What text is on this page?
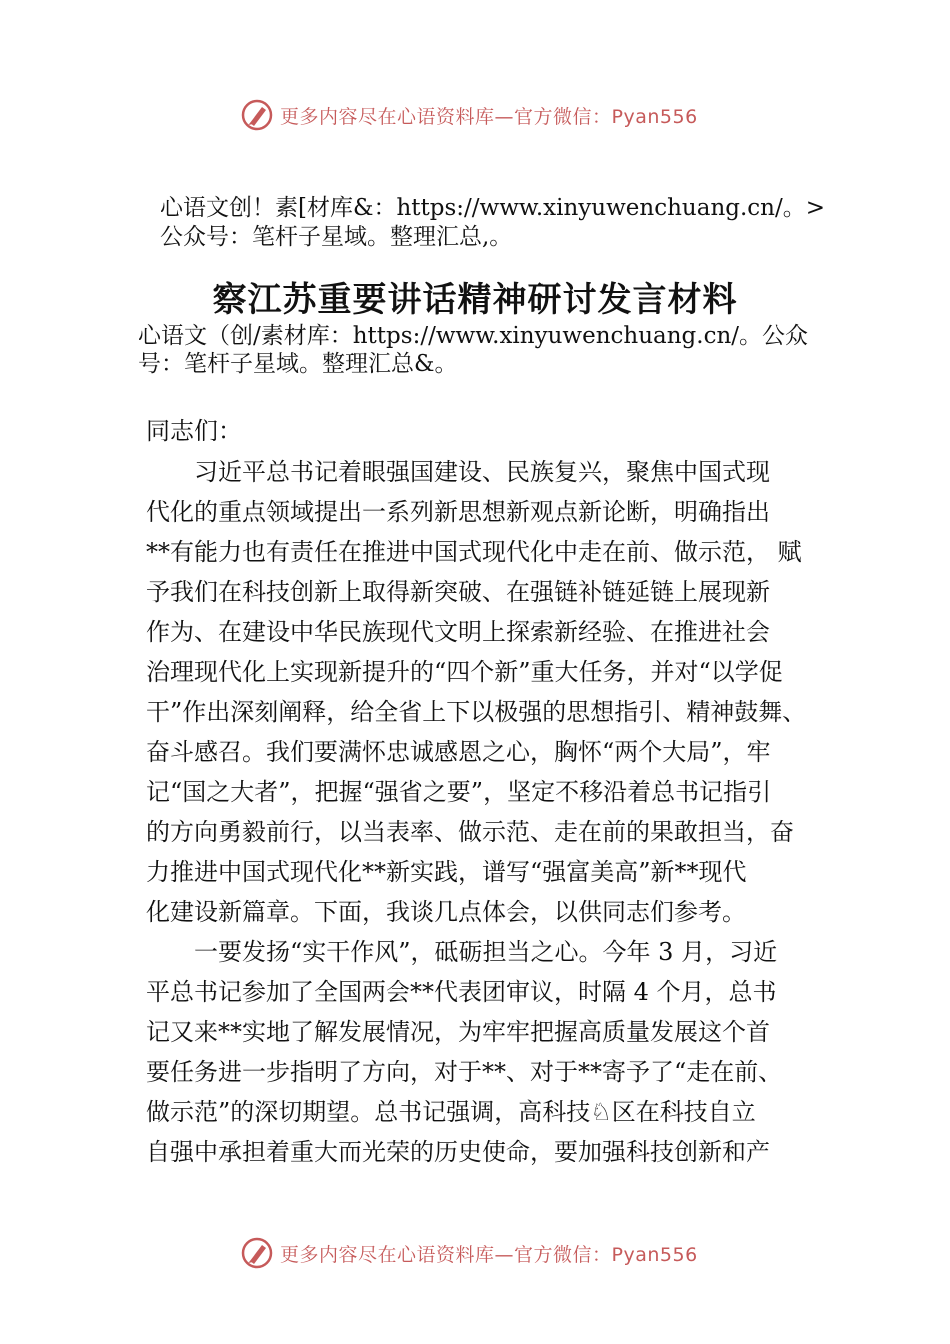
更多内容尽在心语资料库—官方微信：Pyan556
心语文创！素[材库&：https://www.xinyuwenchuang.cn/。>
公众号：笔杆子星域。整理汇总,。
察江苏重要讲话精神研讨发言材料
心语文（创/素材库：https://www.xinyuwenchuang.cn/。公众
号：笔杆子星域。整理汇总&。
同志们：
　　习近平总书记着眼强国建设、民族复兴，聚焦中国式现
代化的重点领域提出一系列新思想新观点新论断，明确指出
**有能力也有责任在推进中国式现代化中走在前、做示范， 赋
予我们在科技创新上取得新突破、在强链补链延链上展现新
作为、在建设中华民族现代文明上探索新经验、在推进社会
治理现代化上实现新提升的“四个新”重大任务，并对“以学促
干”作出深刻阐释，给全省上下以极强的思想指引、精神鼓舞、
奋斗感召。我们要满怀忠诚感恩之心，胸怀“两个大局”，牢
记“国之大者”，把握“强省之要”，坚定不移沿着总书记指引
的方向勇毅前行，以当表率、做示范、走在前的果敢担当，奋
力推进中国式现代化**新实践，谱写“强富美高”新**现代
化建设新篇章。下面，我谈几点体会，以供同志们参考。
　　一要发扬“实干作风”，砥砺担当之心。今年 3 月，习近
平总书记参加了全国两会**代表团审议，时隔 4 个月，总书
记又来**实地了解发展情况，为牢牢把握高质量发展这个首
要任务进一步指明了方向，对于**、对于**寄予了“走在前、
做示范”的深切期望。总书记强调，高科技♘区在科技自立
自强中承担着重大而光荣的历史使命，要加强科技创新和产
更多内容尽在心语资料库—官方微信：Pyan556
